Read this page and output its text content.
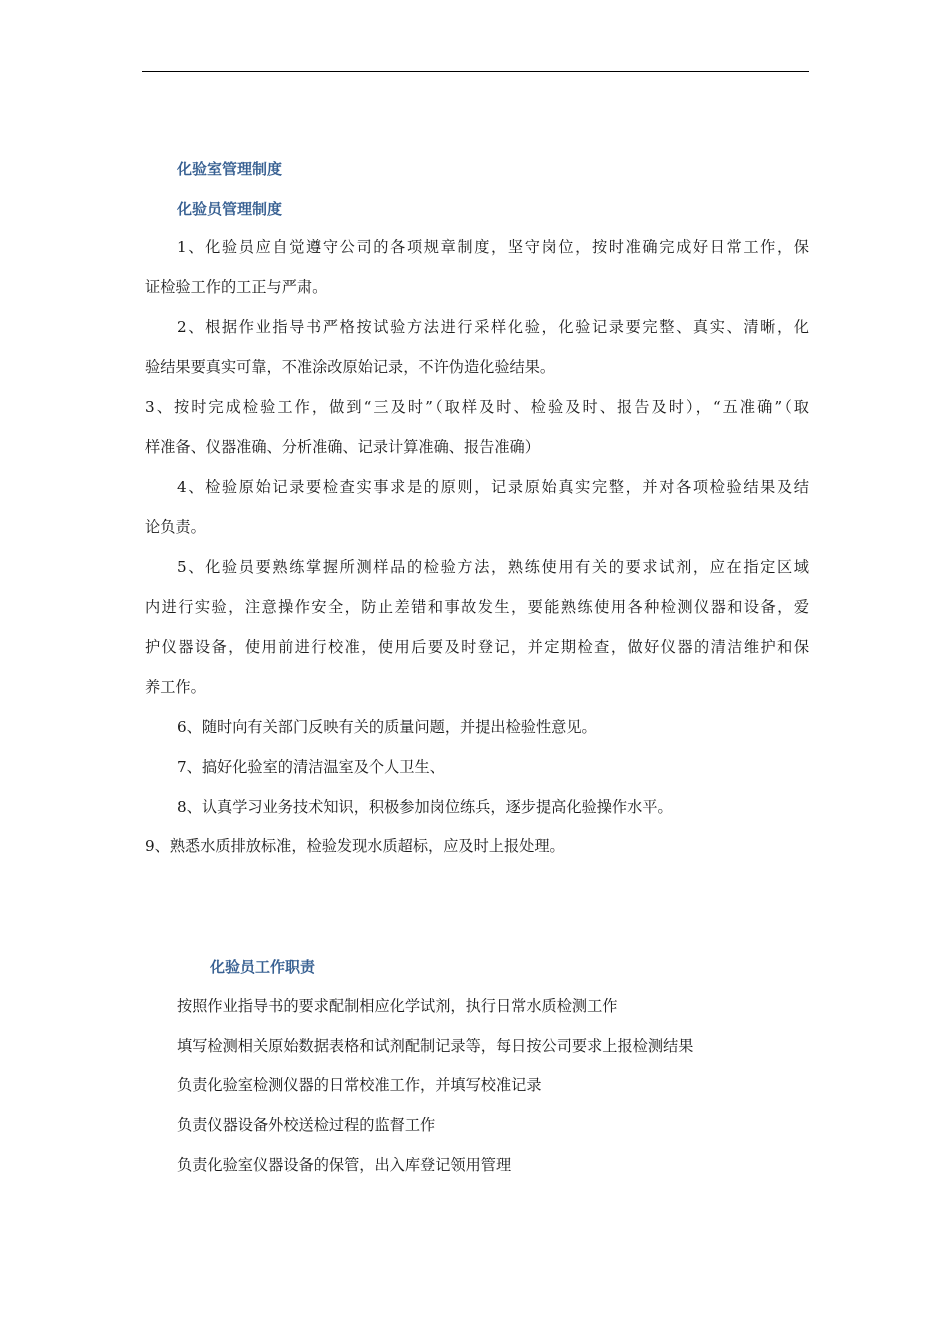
化验室管理制度
化验员管理制度
1、化验员应自觉遵守公司的各项规章制度，坚守岗位，按时准确完成好日常工作，保
证检验工作的工正与严肃。
2、根据作业指导书严格按试验方法进行采样化验，化验记录要完整、真实、清晰，化
验结果要真实可靠，不准涂改原始记录，不许伪造化验结果。
3、按时完成检验工作，做到“三及时”（取样及时、检验及时、报告及时），“五准确”（取
样准备、仪器准确、分析准确、记录计算准确、报告准确）
4、检验原始记录要检查实事求是的原则，记录原始真实完整，并对各项检验结果及结
论负责。
5、化验员要熟练掌握所测样品的检验方法，熟练使用有关的要求试剂，应在指定区域
内进行实验，注意操作安全，防止差错和事故发生，要能熟练使用各种检测仪器和设备，爱
护仪器设备，使用前进行校准，使用后要及时登记，并定期检查，做好仪器的清洁维护和保
养工作。
6、随时向有关部门反映有关的质量问题，并提出检验性意见。
7、搞好化验室的清洁温室及个人卫生、
8、认真学习业务技术知识，积极参加岗位练兵，逐步提高化验操作水平。
9、熟悉水质排放标准，检验发现水质超标，应及时上报处理。
化验员工作职责
按照作业指导书的要求配制相应化学试剂，执行日常水质检测工作
填写检测相关原始数据表格和试剂配制记录等，每日按公司要求上报检测结果
负责化验室检测仪器的日常校准工作，并填写校准记录
负责仪器设备外校送检过程的监督工作
负责化验室仪器设备的保管，出入库登记领用管理
